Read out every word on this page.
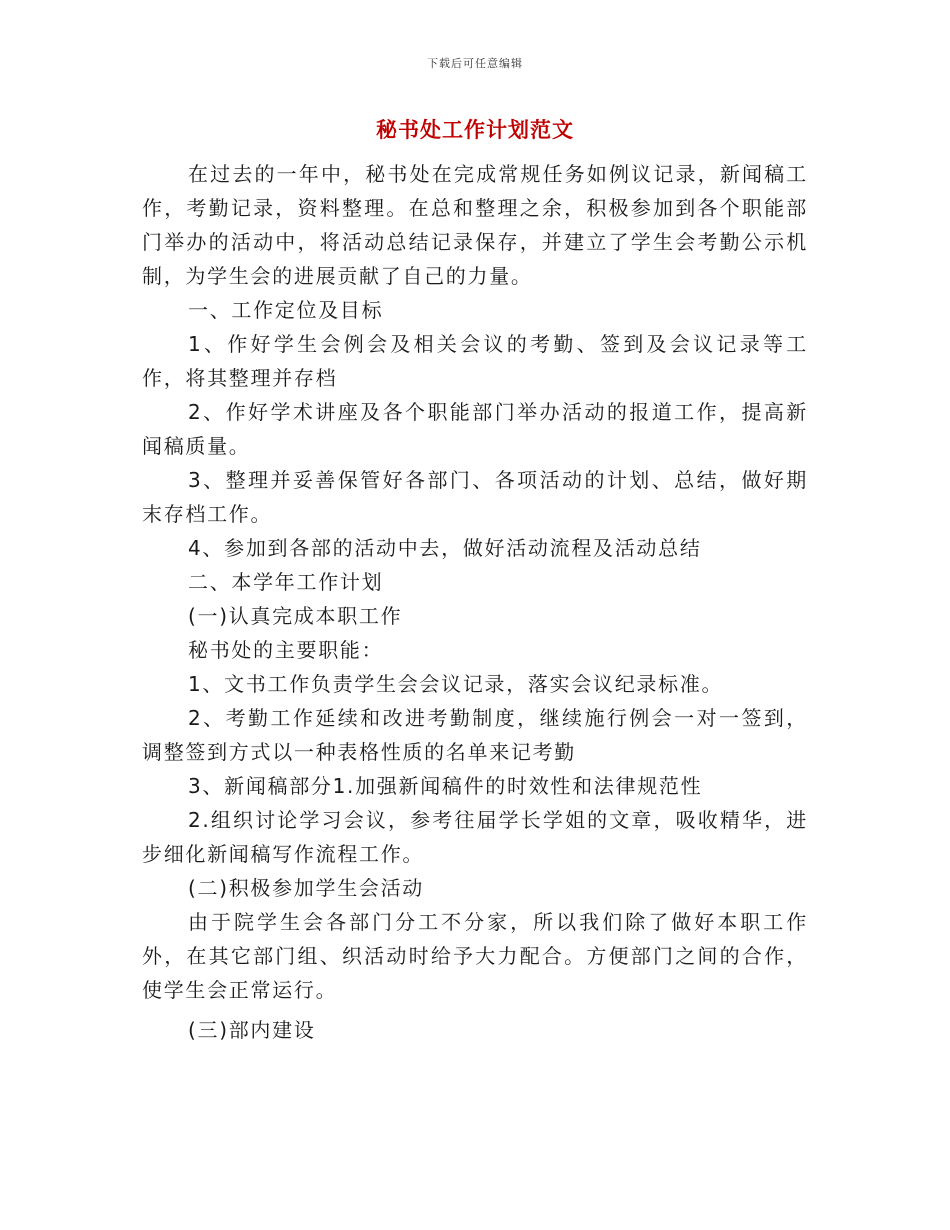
下载后可任意编辑
秘书处工作计划范文

在过去的一年中，秘书处在完成常规任务如例议记录，新闻稿工作，考勤记录，资料整理。在总和整理之余，积极参加到各个职能部门举办的活动中，将活动总结记录保存，并建立了学生会考勤公示机制，为学生会的进展贡献了自己的力量。

一、工作定位及目标

1、作好学生会例会及相关会议的考勤、签到及会议记录等工作，将其整理并存档

2、作好学术讲座及各个职能部门举办活动的报道工作，提高新闻稿质量。

3、整理并妥善保管好各部门、各项活动的计划、总结，做好期末存档工作。

4、参加到各部的活动中去，做好活动流程及活动总结

二、本学年工作计划

(一)认真完成本职工作

秘书处的主要职能：

1、文书工作负责学生会会议记录，落实会议纪录标准。

2、考勤工作延续和改进考勤制度，继续施行例会一对一签到，调整签到方式以一种表格性质的名单来记考勤

3、新闻稿部分1.加强新闻稿件的时效性和法律规范性

2.组织讨论学习会议，参考往届学长学姐的文章，吸收精华，进步细化新闻稿写作流程工作。

(二)积极参加学生会活动

由于院学生会各部门分工不分家，所以我们除了做好本职工作外，在其它部门组、织活动时给予大力配合。方便部门之间的合作，使学生会正常运行。

(三)部内建设
